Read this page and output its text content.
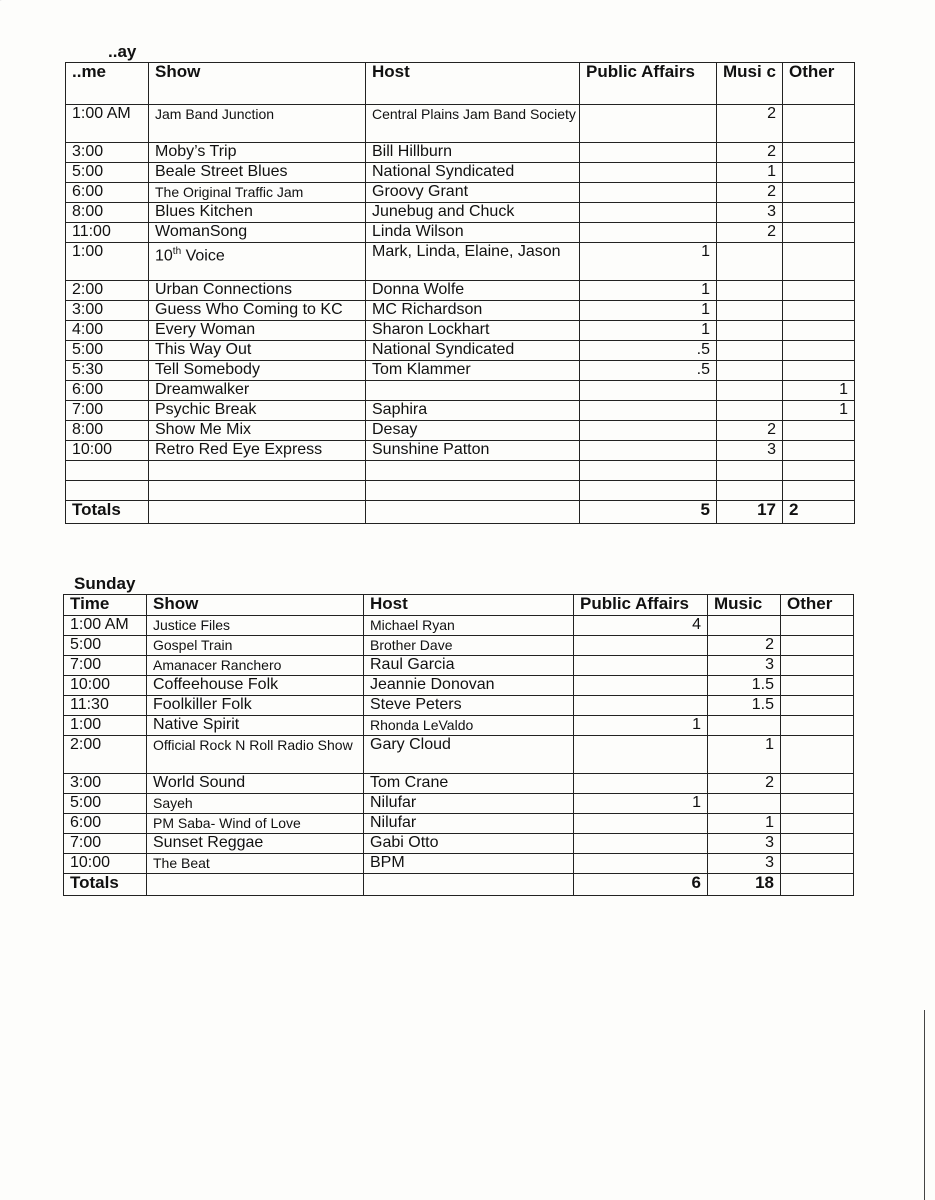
..ay
..me	Show	Host	Public Affairs	Musi c	Other
1:00 AM	Jam Band Junction	Central Plains Jam Band Society		2	
3:00	Moby’s Trip	Bill Hillburn		2	
5:00	Beale Street Blues	National Syndicated		1	
6:00	The Original Traffic Jam	Groovy Grant		2	
8:00	Blues Kitchen	Junebug and Chuck		3	
11:00	WomanSong	Linda Wilson		2	
1:00	10th Voice	Mark, Linda, Elaine, Jason	1		
2:00	Urban Connections	Donna Wolfe	1		
3:00	Guess Who Coming to KC	MC Richardson	1		
4:00	Every Woman	Sharon Lockhart	1		
5:00	This Way Out	National Syndicated	.5		
5:30	Tell Somebody	Tom Klammer	.5		
6:00	Dreamwalker				1
7:00	Psychic Break	Saphira			1
8:00	Show Me Mix	Desay		2	
10:00	Retro Red Eye Express	Sunshine Patton		3	

Totals			5	17	2
Sunday
Time	Show	Host	Public Affairs	Music	Other
1:00 AM	Justice Files	Michael Ryan	4		
5:00	Gospel Train	Brother Dave		2	
7:00	Amanacer Ranchero	Raul Garcia		3	
10:00	Coffeehouse Folk	Jeannie Donovan		1.5	
11:30	Foolkiller Folk	Steve Peters		1.5	
1:00	Native Spirit	Rhonda LeValdo	1		
2:00	Official Rock N Roll Radio Show	Gary Cloud		1	
3:00	World Sound	Tom Crane		2	
5:00	Sayeh	Nilufar	1		
6:00	PM Saba- Wind of Love	Nilufar		1	
7:00	Sunset Reggae	Gabi Otto		3	
10:00	The Beat	BPM		3	
Totals			6	18	
